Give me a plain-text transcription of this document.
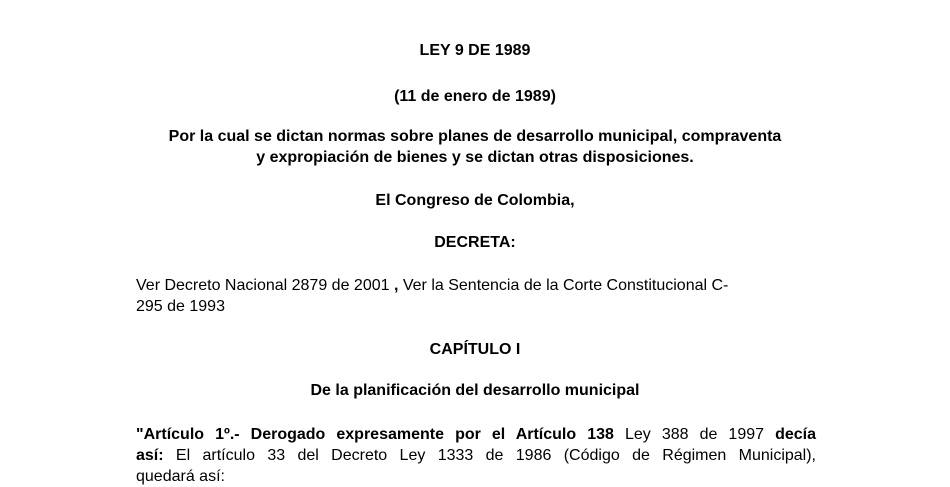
LEY 9 DE 1989

(11 de enero de 1989)

Por la cual se dictan normas sobre planes de desarrollo municipal, compraventa
y expropiación de bienes y se dictan otras disposiciones.

El Congreso de Colombia,

DECRETA:

Ver Decreto Nacional 2879 de 2001 , Ver la Sentencia de la Corte Constitucional C-
295 de 1993

CAPÍTULO I

De la planificación del desarrollo municipal

"Artículo 1º.- Derogado expresamente por el Artículo 138 Ley 388 de 1997 decía
así: El artículo 33 del Decreto Ley 1333 de 1986 (Código de Régimen Municipal),
quedará así:
